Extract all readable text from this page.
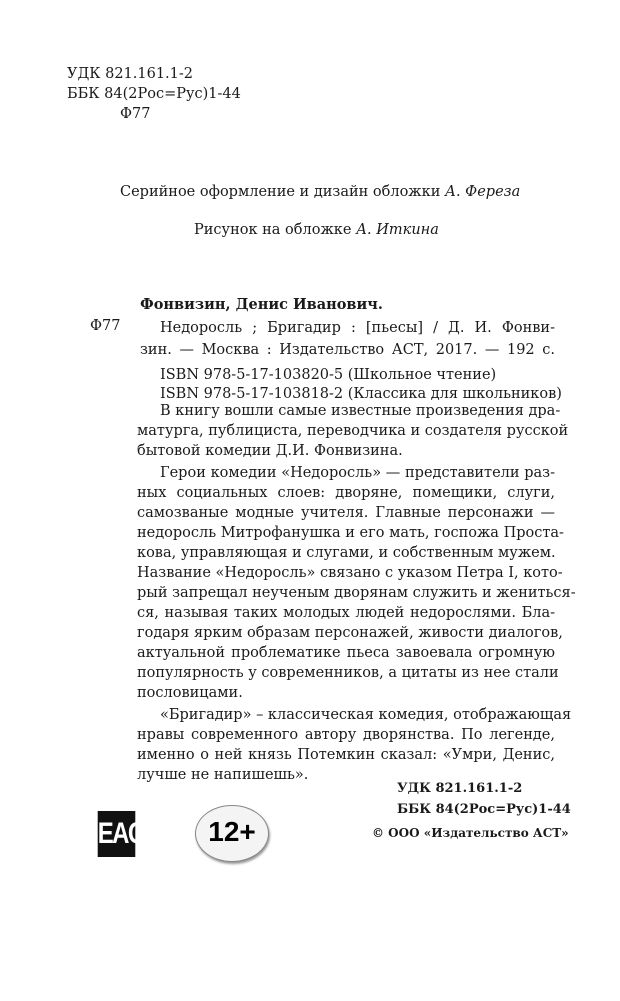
УДК 821.161.1-2
ББК 84(2Рос=Рус)1-44
Ф77
Серийное оформление и дизайн обложки А. Фереза
Рисунок на обложке А. Иткина
Фонвизин, Денис Иванович.
Ф77	Недоросль ; Бригадир : [пьесы] / Д. И. Фонви-
зин. — Москва : Издательство АСТ, 2017. — 192 с.
ISBN 978-5-17-103820-5 (Школьное чтение)
ISBN 978-5-17-103818-2 (Классика для школьников)
В книгу вошли самые известные произведения дра-
матурга, публициста, переводчика и создателя русской
бытовой комедии Д.И. Фонвизина.
Герои комедии «Недоросль» — представители раз-
ных социальных слоев: дворяне, помещики, слуги,
самозваные модные учителя. Главные персонажи —
недоросль Митрофанушка и его мать, госпожа Проста-
кова, управляющая и слугами, и собственным мужем.
Название «Недоросль» связано с указом Петра I, кото-
рый запрещал неученым дворянам служить и жениться-
ся, называя таких молодых людей недорослями. Бла-
годаря ярким образам персонажей, живости диалогов,
актуальной проблематике пьеса завоевала огромную
популярность у современников, а цитаты из нее стали
пословицами.
«Бригадир» – классическая комедия, отображающая
нравы современного автору дворянства. По легенде,
именно о ней князь Потемкин сказал: «Умри, Денис,
лучше не напишешь».
УДК 821.161.1-2
ББК 84(2Рос=Рус)1-44
© ООО «Издательство АСТ»
EAC	12+
